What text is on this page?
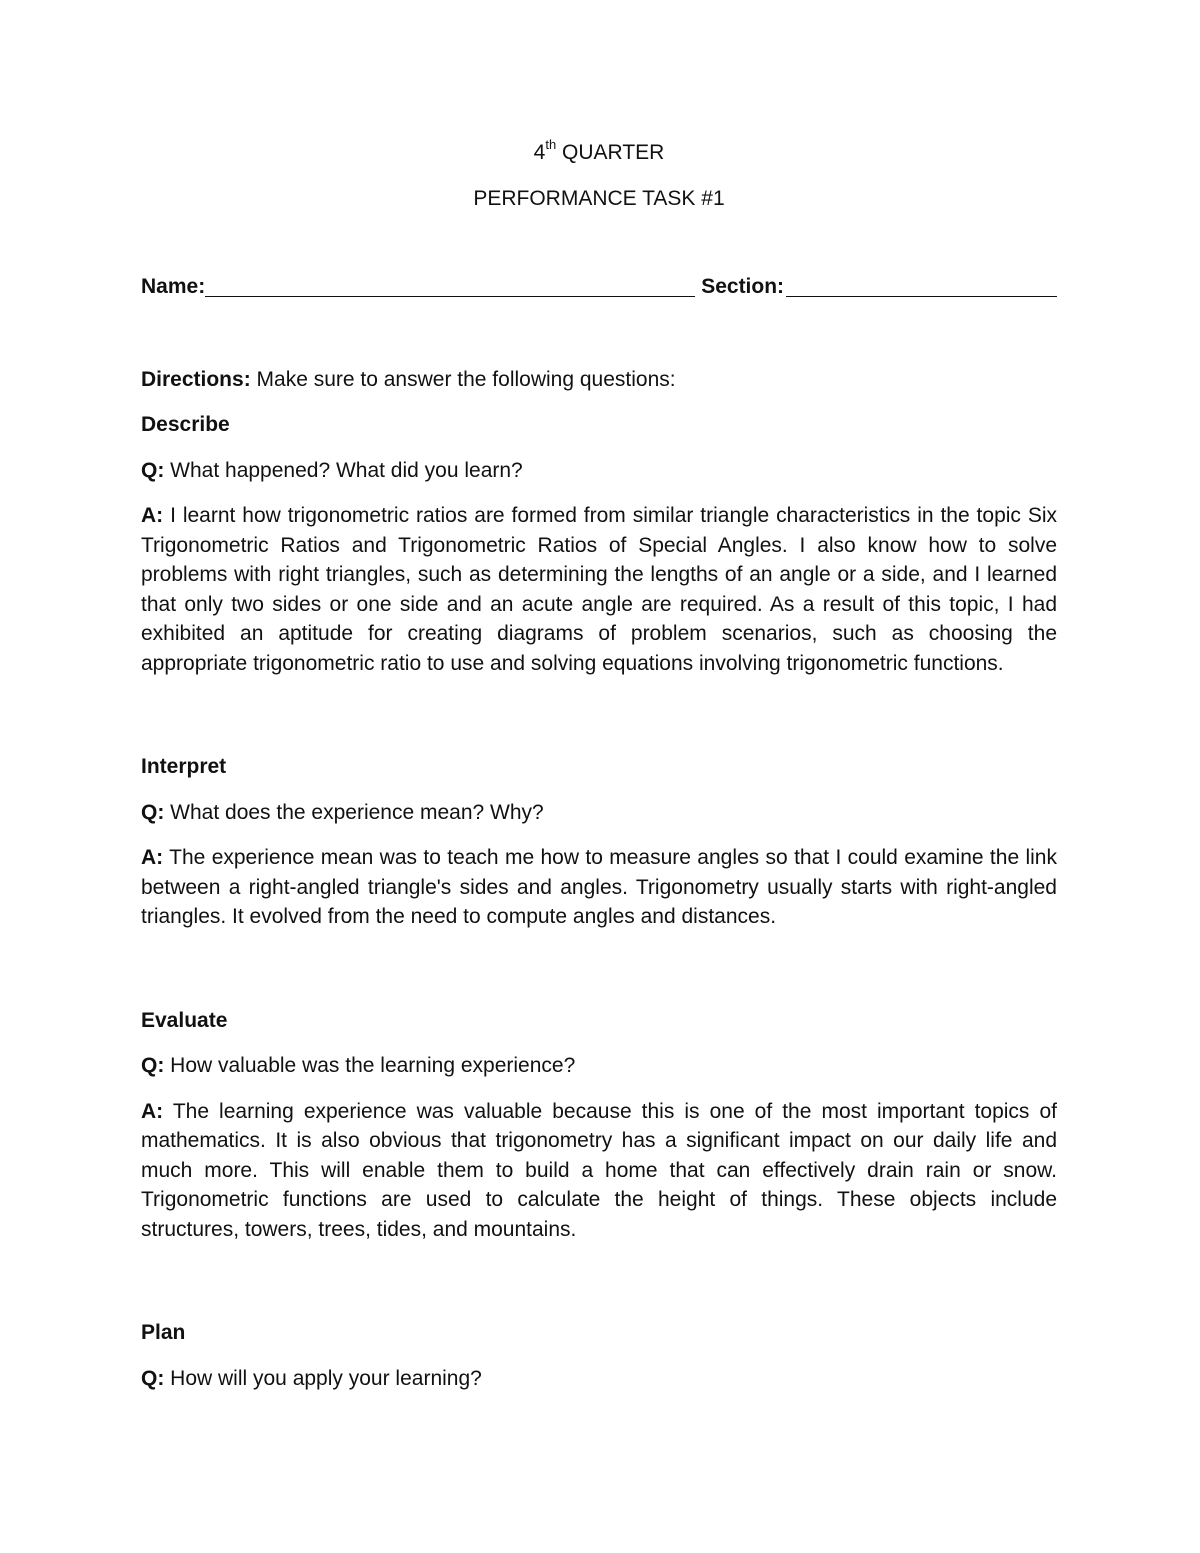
4th QUARTER

PERFORMANCE TASK #1

Name:	Section:

Directions: Make sure to answer the following questions:

Describe

Q: What happened? What did you learn?

A: I learnt how trigonometric ratios are formed from similar triangle characteristics in the topic Six Trigonometric Ratios and Trigonometric Ratios of Special Angles. I also know how to solve problems with right triangles, such as determining the lengths of an angle or a side, and I learned that only two sides or one side and an acute angle are required. As a result of this topic, I had exhibited an aptitude for creating diagrams of problem scenarios, such as choosing the appropriate trigonometric ratio to use and solving equations involving trigonometric functions.

Interpret

Q: What does the experience mean? Why?

A: The experience mean was to teach me how to measure angles so that I could examine the link between a right-angled triangle's sides and angles. Trigonometry usually starts with right-angled triangles. It evolved from the need to compute angles and distances.

Evaluate

Q: How valuable was the learning experience?

A: The learning experience was valuable because this is one of the most important topics of mathematics. It is also obvious that trigonometry has a significant impact on our daily life and much more. This will enable them to build a home that can effectively drain rain or snow. Trigonometric functions are used to calculate the height of things. These objects include structures, towers, trees, tides, and mountains.

Plan

Q: How will you apply your learning?
